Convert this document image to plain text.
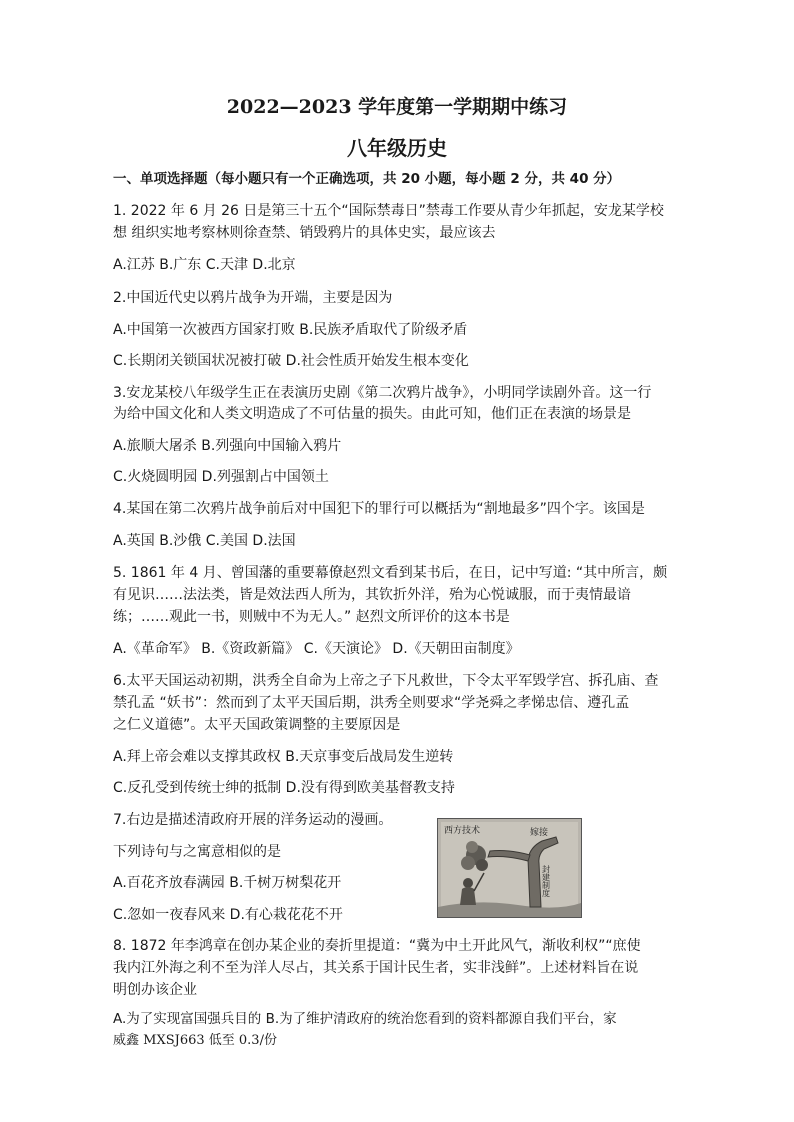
2022—2023 学年度第一学期期中练习
八年级历史
一、单项选择题（每小题只有一个正确选项，共 20 小题，每小题 2 分，共 40 分）
1. 2022 年 6 月 26 日是第三十五个“国际禁毒日”禁毒工作要从青少年抓起，安龙某学校
想 组织实地考察林则徐查禁、销毁鸦片的具体史实，最应该去
A.江苏 B.广东 C.天津 D.北京
2.中国近代史以鸦片战争为开端，主要是因为
A.中国第一次被西方国家打败 B.民族矛盾取代了阶级矛盾
C.长期闭关锁国状况被打破 D.社会性质开始发生根本变化
3.安龙某校八年级学生正在表演历史剧《第二次鸦片战争》，小明同学读剧外音。这一行
为给中国文化和人类文明造成了不可估量的损失。由此可知，他们正在表演的场景是
A.旅顺大屠杀 B.列强向中国输入鸦片
C.火烧圆明园 D.列强割占中国领土
4.某国在第二次鸦片战争前后对中国犯下的罪行可以概括为“割地最多”四个字。该国是
A.英国 B.沙俄 C.美国 D.法国
5. 1861 年 4 月、曾国藩的重要幕僚赵烈文看到某书后，在日，记中写道: “其中所言，颇
有见识……法法类，皆是效法西人所为，其钦折外洋，殆为心悦诚服，而于夷情最谙
练；……观此一书，则贼中不为无人。” 赵烈文所评价的这本书是
A.《革命军》 B.《资政新篇》 C.《天演论》 D.《天朝田亩制度》
6.太平天国运动初期，洪秀全自命为上帝之子下凡救世，下令太平军毁学宫、拆孔庙、查
禁孔孟 “妖书”：然而到了太平天国后期，洪秀全则要求“学尧舜之孝悌忠信、遵孔孟
之仁义道德”。太平天国政策调整的主要原因是
A.拜上帝会难以支撑其政权 B.天京事变后战局发生逆转
C.反孔受到传统士绅的抵制 D.没有得到欧美基督教支持
7.右边是描述清政府开展的洋务运动的漫画。
下列诗句与之寓意相似的是
A.百花齐放春满园 B.千树万树梨花开
C.忽如一夜春风来 D.有心栽花花不开
西方技术	嫁接
封建制度
8. 1872 年李鸿章在创办某企业的奏折里提道：“冀为中土开此风气，渐收利权”“庶使
我内江外海之利不至为洋人尽占，其关系于国计民生者，实非浅鲜”。上述材料旨在说
明创办该企业
A.为了实现富国强兵目的 B.为了维护清政府的统治您看到的资料都源自我们平台，家
威鑫 MXSJ663 低至 0.3/份
